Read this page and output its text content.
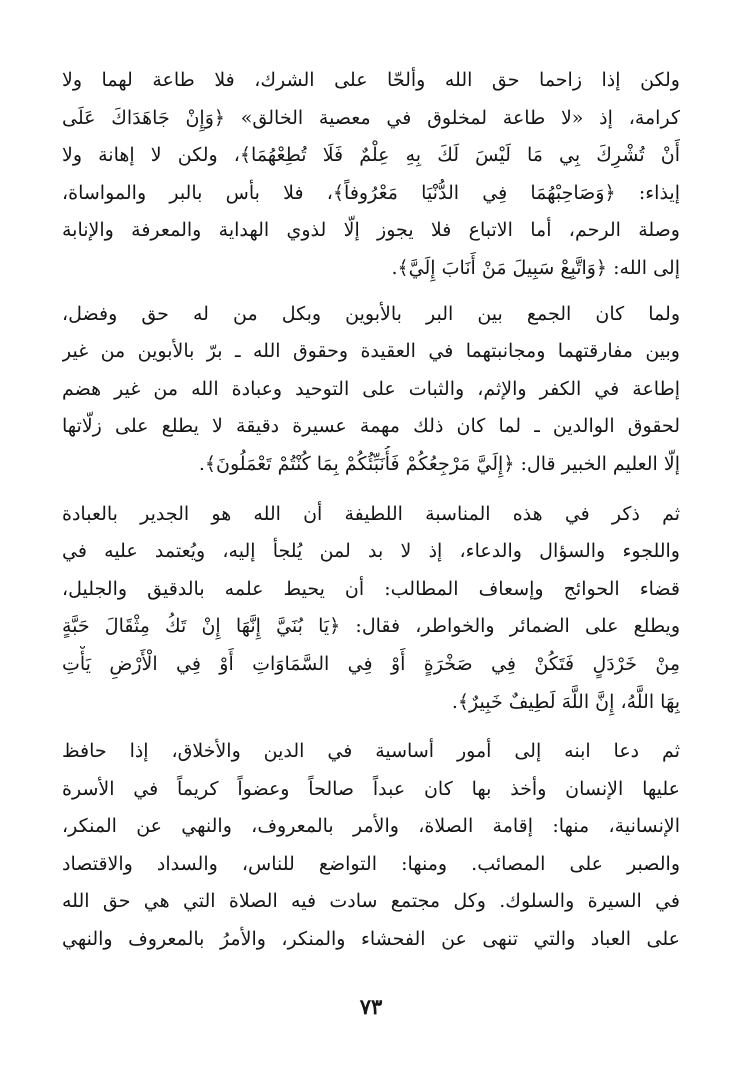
ولكن إذا زاحما حق الله وألحّا على الشرك، فلا طاعة لهما ولا
كرامة، إذ «لا طاعة لمخلوق في معصية الخالق» ﴿وَإِنْ جَاهَدَاكَ عَلَى
أَنْ تُشْرِكَ بِي مَا لَيْسَ لَكَ بِهِ عِلْمٌ فَلَا تُطِعْهُمَا﴾، ولكن لا إهانة ولا
إيذاء: ﴿وَصَاحِبْهُمَا فِي الدُّنْيَا مَعْرُوفاً﴾، فلا بأس بالبر والمواساة،
وصلة الرحم، أما الاتباع فلا يجوز إلّا لذوي الهداية والمعرفة والإنابة
إلى الله: ﴿وَاتَّبِعْ سَبِيلَ مَنْ أَنَابَ إِلَيَّ﴾.
ولما كان الجمع بين البر بالأبوين وبكل من له حق وفضل،
وبين مفارقتهما ومجانبتهما في العقيدة وحقوق الله ـ برّ بالأبوين من غير
إطاعة في الكفر والإثم، والثبات على التوحيد وعبادة الله من غير هضم
لحقوق الوالدين ـ لما كان ذلك مهمة عسيرة دقيقة لا يطلع على زلّاتها
إلّا العليم الخبير قال: ﴿إِلَيَّ مَرْجِعُكُمْ فَأُنَبِّئُكُمْ بِمَا كُنْتُمْ تَعْمَلُونَ﴾.
ثم ذكر في هذه المناسبة اللطيفة أن الله هو الجدير بالعبادة
واللجوء والسؤال والدعاء، إذ لا بد لمن يُلجأ إليه، ويُعتمد عليه في
قضاء الحوائج وإسعاف المطالب: أن يحيط علمه بالدقيق والجليل،
ويطلع على الضمائر والخواطر، فقال: ﴿يَا بُنَيَّ إِنَّهَا إِنْ تَكُ مِثْقَالَ حَبَّةٍ
مِنْ خَرْدَلٍ فَتَكُنْ فِي صَخْرَةٍ أَوْ فِي السَّمَاوَاتِ أَوْ فِي الْأَرْضِ يَأْتِ
بِهَا اللَّهُ، إِنَّ اللَّهَ لَطِيفٌ خَبِيرٌ﴾.
ثم دعا ابنه إلى أمور أساسية في الدين والأخلاق، إذا حافظ
عليها الإنسان وأخذ بها كان عبداً صالحاً وعضواً كريماً في الأسرة
الإنسانية، منها: إقامة الصلاة، والأمر بالمعروف، والنهي عن المنكر،
والصبر على المصائب. ومنها: التواضع للناس، والسداد والاقتصاد
في السيرة والسلوك. وكل مجتمع سادت فيه الصلاة التي هي حق الله
على العباد والتي تنهى عن الفحشاء والمنكر، والأمرُ بالمعروف والنهي
٧٣
